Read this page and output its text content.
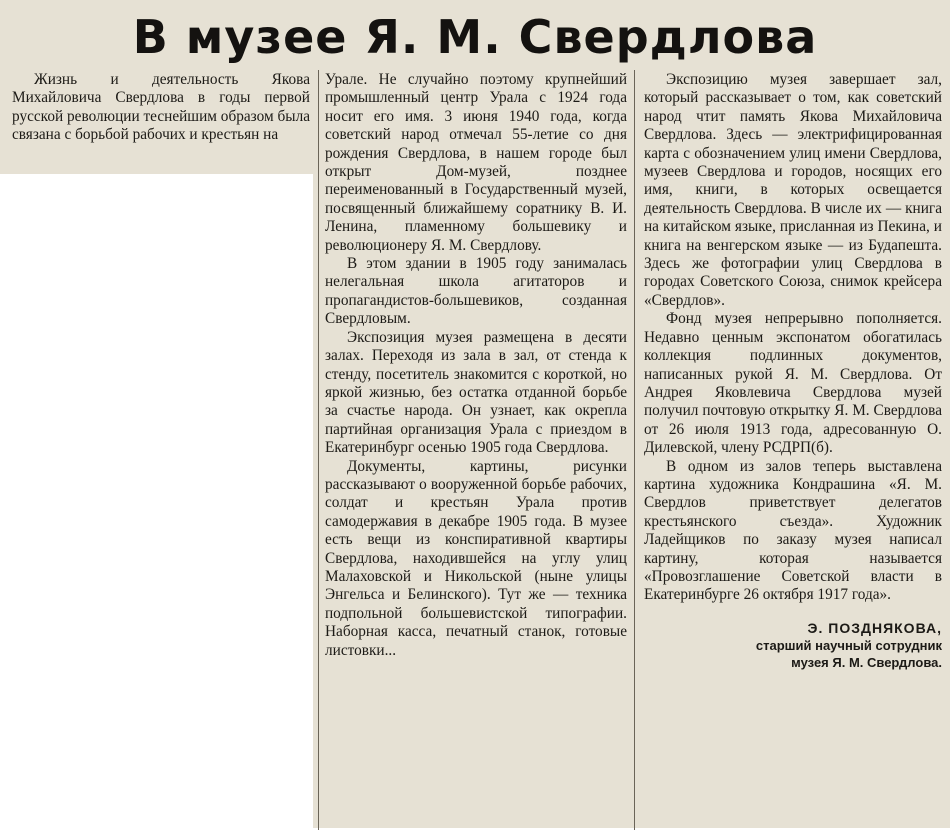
В музее Я. М. Свердлова

Жизнь и деятельность Якова Михайловича Свердлова в годы первой русской революции теснейшим образом была связана с борьбой рабочих и крестьян на

Урале. Не случайно поэтому крупнейший промышленный центр Урала с 1924 года носит его имя. 3 июня 1940 года, когда советский народ отмечал 55-летие со дня рождения Свердлова, в нашем городе был открыт Дом-музей, позднее переименованный в Государственный музей, посвященный ближайшему соратнику В. И. Ленина, пламенному большевику и революционеру Я. М. Свердлову.

В этом здании в 1905 году занималась нелегальная школа агитаторов и пропагандистов-большевиков, созданная Свердловым.

Экспозиция музея размещена в десяти залах. Переходя из зала в зал, от стенда к стенду, посетитель знакомится с короткой, но яркой жизнью, без остатка отданной борьбе за счастье народа. Он узнает, как окрепла партийная организация Урала с приездом в Екатеринбург осенью 1905 года Свердлова.

Документы, картины, рисунки рассказывают о вооруженной борьбе рабочих, солдат и крестьян Урала против самодержавия в декабре 1905 года. В музее есть вещи из конспиративной квартиры Свердлова, находившейся на углу улиц Малаховской и Никольской (ныне улицы Энгельса и Белинского). Тут же — техника подпольной большевистской типографии. Наборная касса, печатный станок, готовые листовки...

Экспозицию музея завершает зал, который рассказывает о том, как советский народ чтит память Якова Михайловича Свердлова. Здесь — электрифицированная карта с обозначением улиц имени Свердлова, музеев Свердлова и городов, носящих его имя, книги, в которых освещается деятельность Свердлова. В числе их — книга на китайском языке, присланная из Пекина, и книга на венгерском языке — из Будапешта. Здесь же фотографии улиц Свердлова в городах Советского Союза, снимок крейсера «Свердлов».

Фонд музея непрерывно пополняется. Недавно ценным экспонатом обогатилась коллекция подлинных документов, написанных рукой Я. М. Свердлова. От Андрея Яковлевича Свердлова музей получил почтовую открытку Я. М. Свердлова от 26 июля 1913 года, адресованную О. Дилевской, члену РСДРП(б).

В одном из залов теперь выставлена картина художника Кондрашина «Я. М. Свердлов приветствует делегатов крестьянского съезда». Художник Ладейщиков по заказу музея написал картину, которая называется «Провозглашение Советской власти в Екатеринбурге 26 октября 1917 года».

Э. ПОЗДНЯКОВА,
старший научный сотрудник
музея Я. М. Свердлова.
